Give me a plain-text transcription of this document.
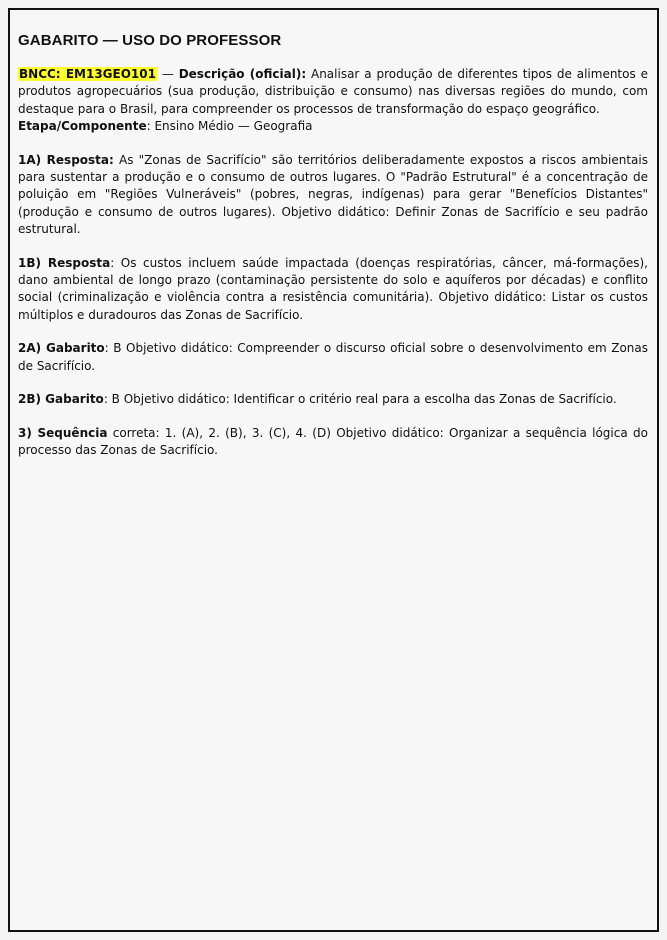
GABARITO — USO DO PROFESSOR

BNCC: EM13GEO101 — Descrição (oficial): Analisar a produção de diferentes tipos de alimentos e produtos agropecuários (sua produção, distribuição e consumo) nas diversas regiões do mundo, com destaque para o Brasil, para compreender os processos de transformação do espaço geográfico.
Etapa/Componente: Ensino Médio — Geografia

1A) Resposta: As "Zonas de Sacrifício" são territórios deliberadamente expostos a riscos ambientais para sustentar a produção e o consumo de outros lugares. O "Padrão Estrutural" é a concentração de poluição em "Regiões Vulneráveis" (pobres, negras, indígenas) para gerar "Benefícios Distantes" (produção e consumo de outros lugares). Objetivo didático: Definir Zonas de Sacrifício e seu padrão estrutural.

1B) Resposta: Os custos incluem saúde impactada (doenças respiratórias, câncer, má-formações), dano ambiental de longo prazo (contaminação persistente do solo e aquíferos por décadas) e conflito social (criminalização e violência contra a resistência comunitária). Objetivo didático: Listar os custos múltiplos e duradouros das Zonas de Sacrifício.

2A) Gabarito: B Objetivo didático: Compreender o discurso oficial sobre o desenvolvimento em Zonas de Sacrifício.

2B) Gabarito: B Objetivo didático: Identificar o critério real para a escolha das Zonas de Sacrifício.

3) Sequência correta: 1. (A), 2. (B), 3. (C), 4. (D) Objetivo didático: Organizar a sequência lógica do processo das Zonas de Sacrifício.
